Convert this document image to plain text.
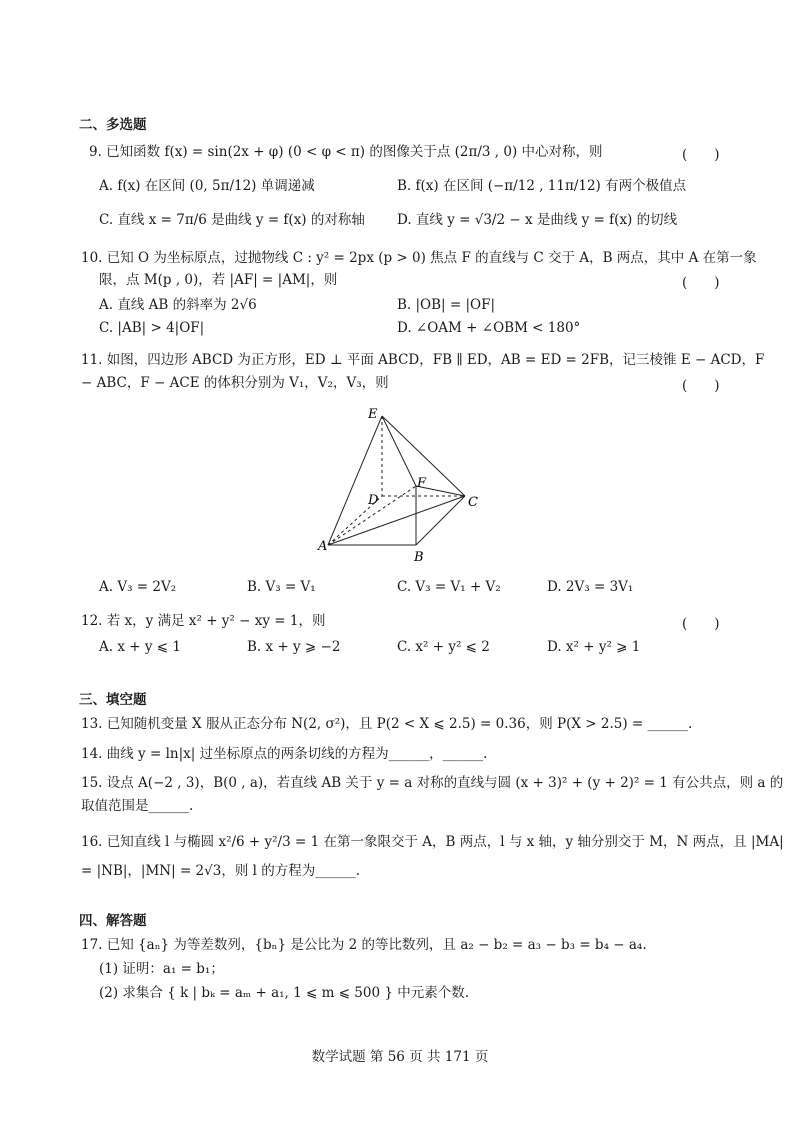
二、多选题
9. 已知函数 f(x) = sin(2x + φ) (0 < φ < π) 的图像关于点 (2π/3 , 0) 中心对称，则	(　　)
A. f(x) 在区间 (0, 5π/12) 单调递减	B. f(x) 在区间 (−π/12 , 11π/12) 有两个极值点
C. 直线 x = 7π/6 是曲线 y = f(x) 的对称轴 D. 直线 y = √3/2 − x 是曲线 y = f(x) 的切线
10. 已知 O 为坐标原点，过抛物线 C : y² = 2px (p > 0) 焦点 F 的直线与 C 交于 A，B 两点，其中 A 在第一象
限，点 M(p , 0)，若 |AF| = |AM|，则	(　　)
A. 直线 AB 的斜率为 2√6	B. |OB| = |OF|
C. |AB| > 4|OF|	D. ∠OAM + ∠OBM < 180°
11. 如图，四边形 ABCD 为正方形，ED ⊥ 平面 ABCD，FB ∥ ED，AB = ED = 2FB，记三棱锥 E − ACD，F
− ABC，F − ACE 的体积分别为 V₁，V₂，V₃，则	(　　)
E
F
D	C
A
B
A. V₃ = 2V₂	B. V₃ = V₁	C. V₃ = V₁ + V₂	D. 2V₃ = 3V₁
12. 若 x，y 满足 x² + y² − xy = 1，则	(　　)
A. x + y ⩽ 1	B. x + y ⩾ −2	C. x² + y² ⩽ 2	D. x² + y² ⩾ 1
三、填空题
13. 已知随机变量 X 服从正态分布 N(2, σ²)，且 P(2 < X ⩽ 2.5) = 0.36，则 P(X > 2.5) = ______.
14. 曲线 y = ln|x| 过坐标原点的两条切线的方程为______，______.
15. 设点 A(−2 , 3)，B(0 , a)，若直线 AB 关于 y = a 对称的直线与圆 (x + 3)² + (y + 2)² = 1 有公共点，则 a 的
取值范围是______.
16. 已知直线 l 与椭圆 x²/6 + y²/3 = 1 在第一象限交于 A，B 两点，l 与 x 轴，y 轴分别交于 M，N 两点，且 |MA|
= |NB|，|MN| = 2√3，则 l 的方程为______.
四、解答题
17. 已知 {aₙ} 为等差数列，{bₙ} 是公比为 2 的等比数列，且 a₂ − b₂ = a₃ − b₃ = b₄ − a₄.
(1) 证明：a₁ = b₁；
(2) 求集合 { k | bₖ = aₘ + a₁, 1 ⩽ m ⩽ 500 } 中元素个数.
数学试题 第 56 页 共 171 页
